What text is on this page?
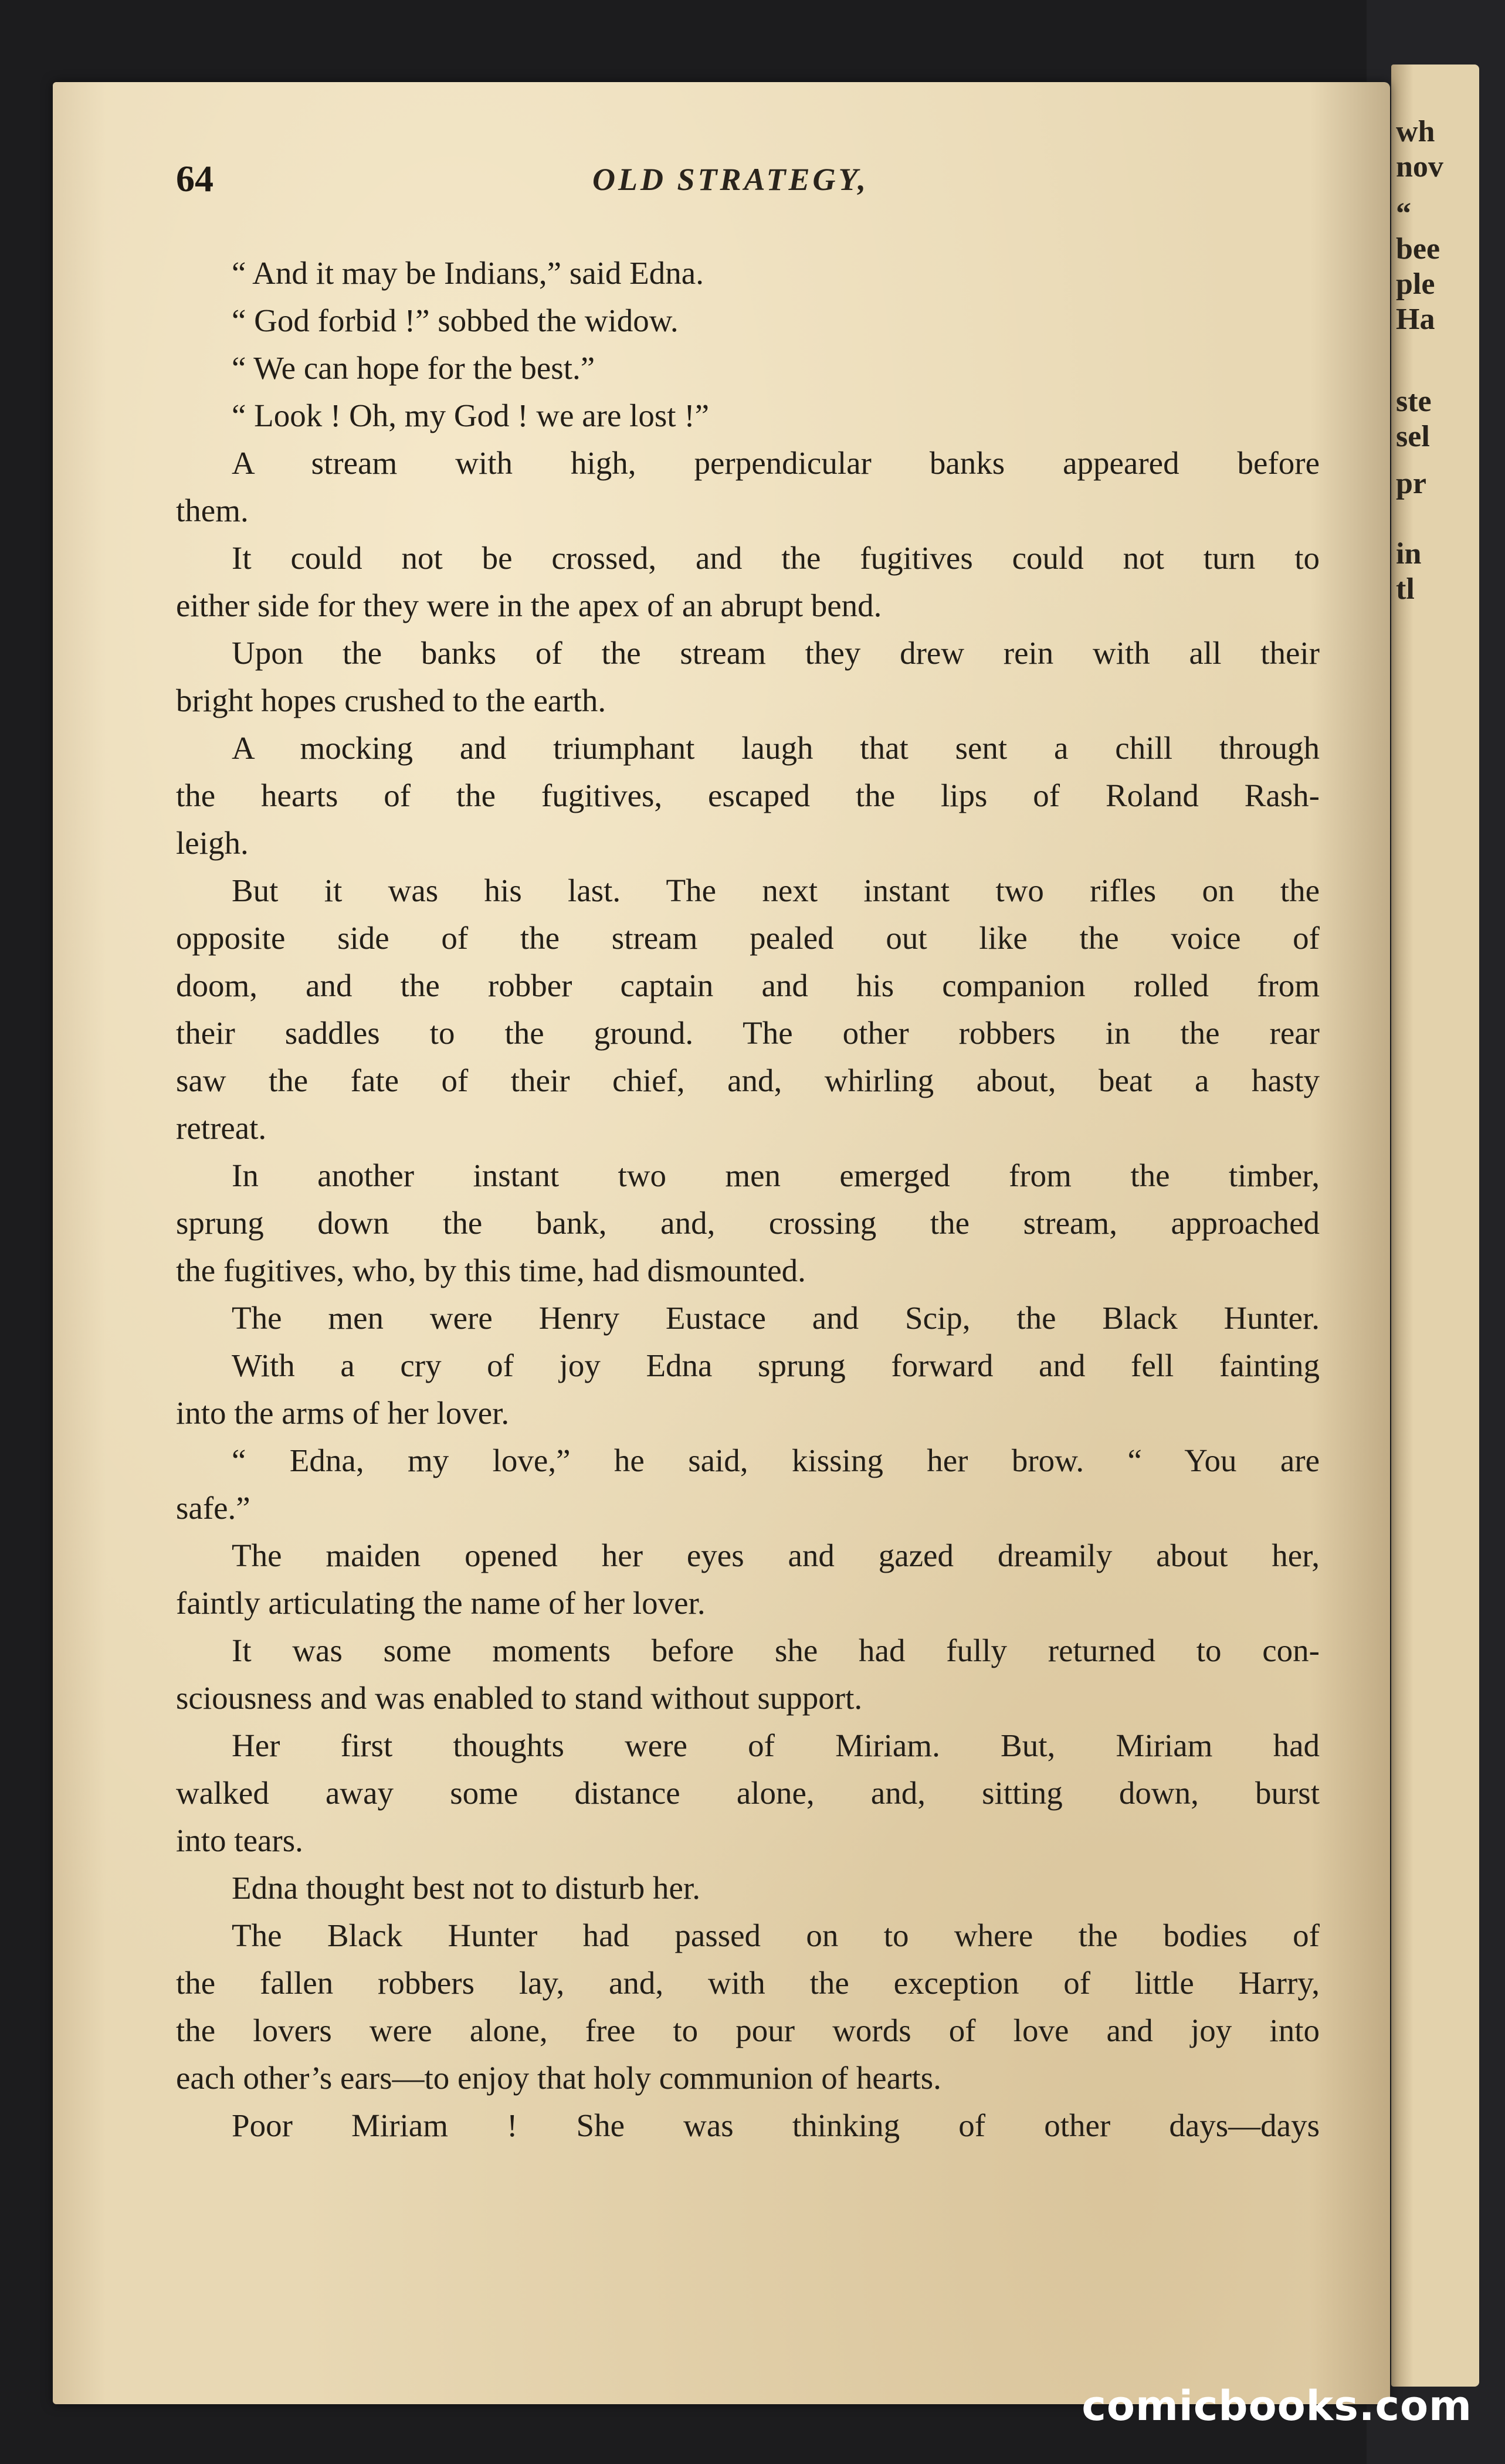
wh
nov
“
bee
ple
Ha
ste
sel
pr
in
tl
64	OLD STRATEGY,
“ And it may be Indians,” said Edna.
“ God forbid !” sobbed the widow.
“ We can hope for the best.”
“ Look ! Oh, my God ! we are lost !”
A stream with high, perpendicular banks appeared before
them.
It could not be crossed, and the fugitives could not turn to
either side for they were in the apex of an abrupt bend.
Upon the banks of the stream they drew rein with all their
bright hopes crushed to the earth.
A mocking and triumphant laugh that sent a chill through
the hearts of the fugitives, escaped the lips of Roland Rash-
leigh.
But it was his last. The next instant two rifles on the
opposite side of the stream pealed out like the voice of
doom, and the robber captain and his companion rolled from
their saddles to the ground. The other robbers in the rear
saw the fate of their chief, and, whirling about, beat a hasty
retreat.
In another instant two men emerged from the timber,
sprung down the bank, and, crossing the stream, approached
the fugitives, who, by this time, had dismounted.
The men were Henry Eustace and Scip, the Black Hunter.
With a cry of joy Edna sprung forward and fell fainting
into the arms of her lover.
“ Edna, my love,” he said, kissing her brow. “ You are
safe.”
The maiden opened her eyes and gazed dreamily about her,
faintly articulating the name of her lover.
It was some moments before she had fully returned to con-
sciousness and was enabled to stand without support.
Her first thoughts were of Miriam. But, Miriam had
walked away some distance alone, and, sitting down, burst
into tears.
Edna thought best not to disturb her.
The Black Hunter had passed on to where the bodies of
the fallen robbers lay, and, with the exception of little Harry,
the lovers were alone, free to pour words of love and joy into
each other’s ears—to enjoy that holy communion of hearts.
Poor Miriam ! She was thinking of other days—days
comicbooks.com
